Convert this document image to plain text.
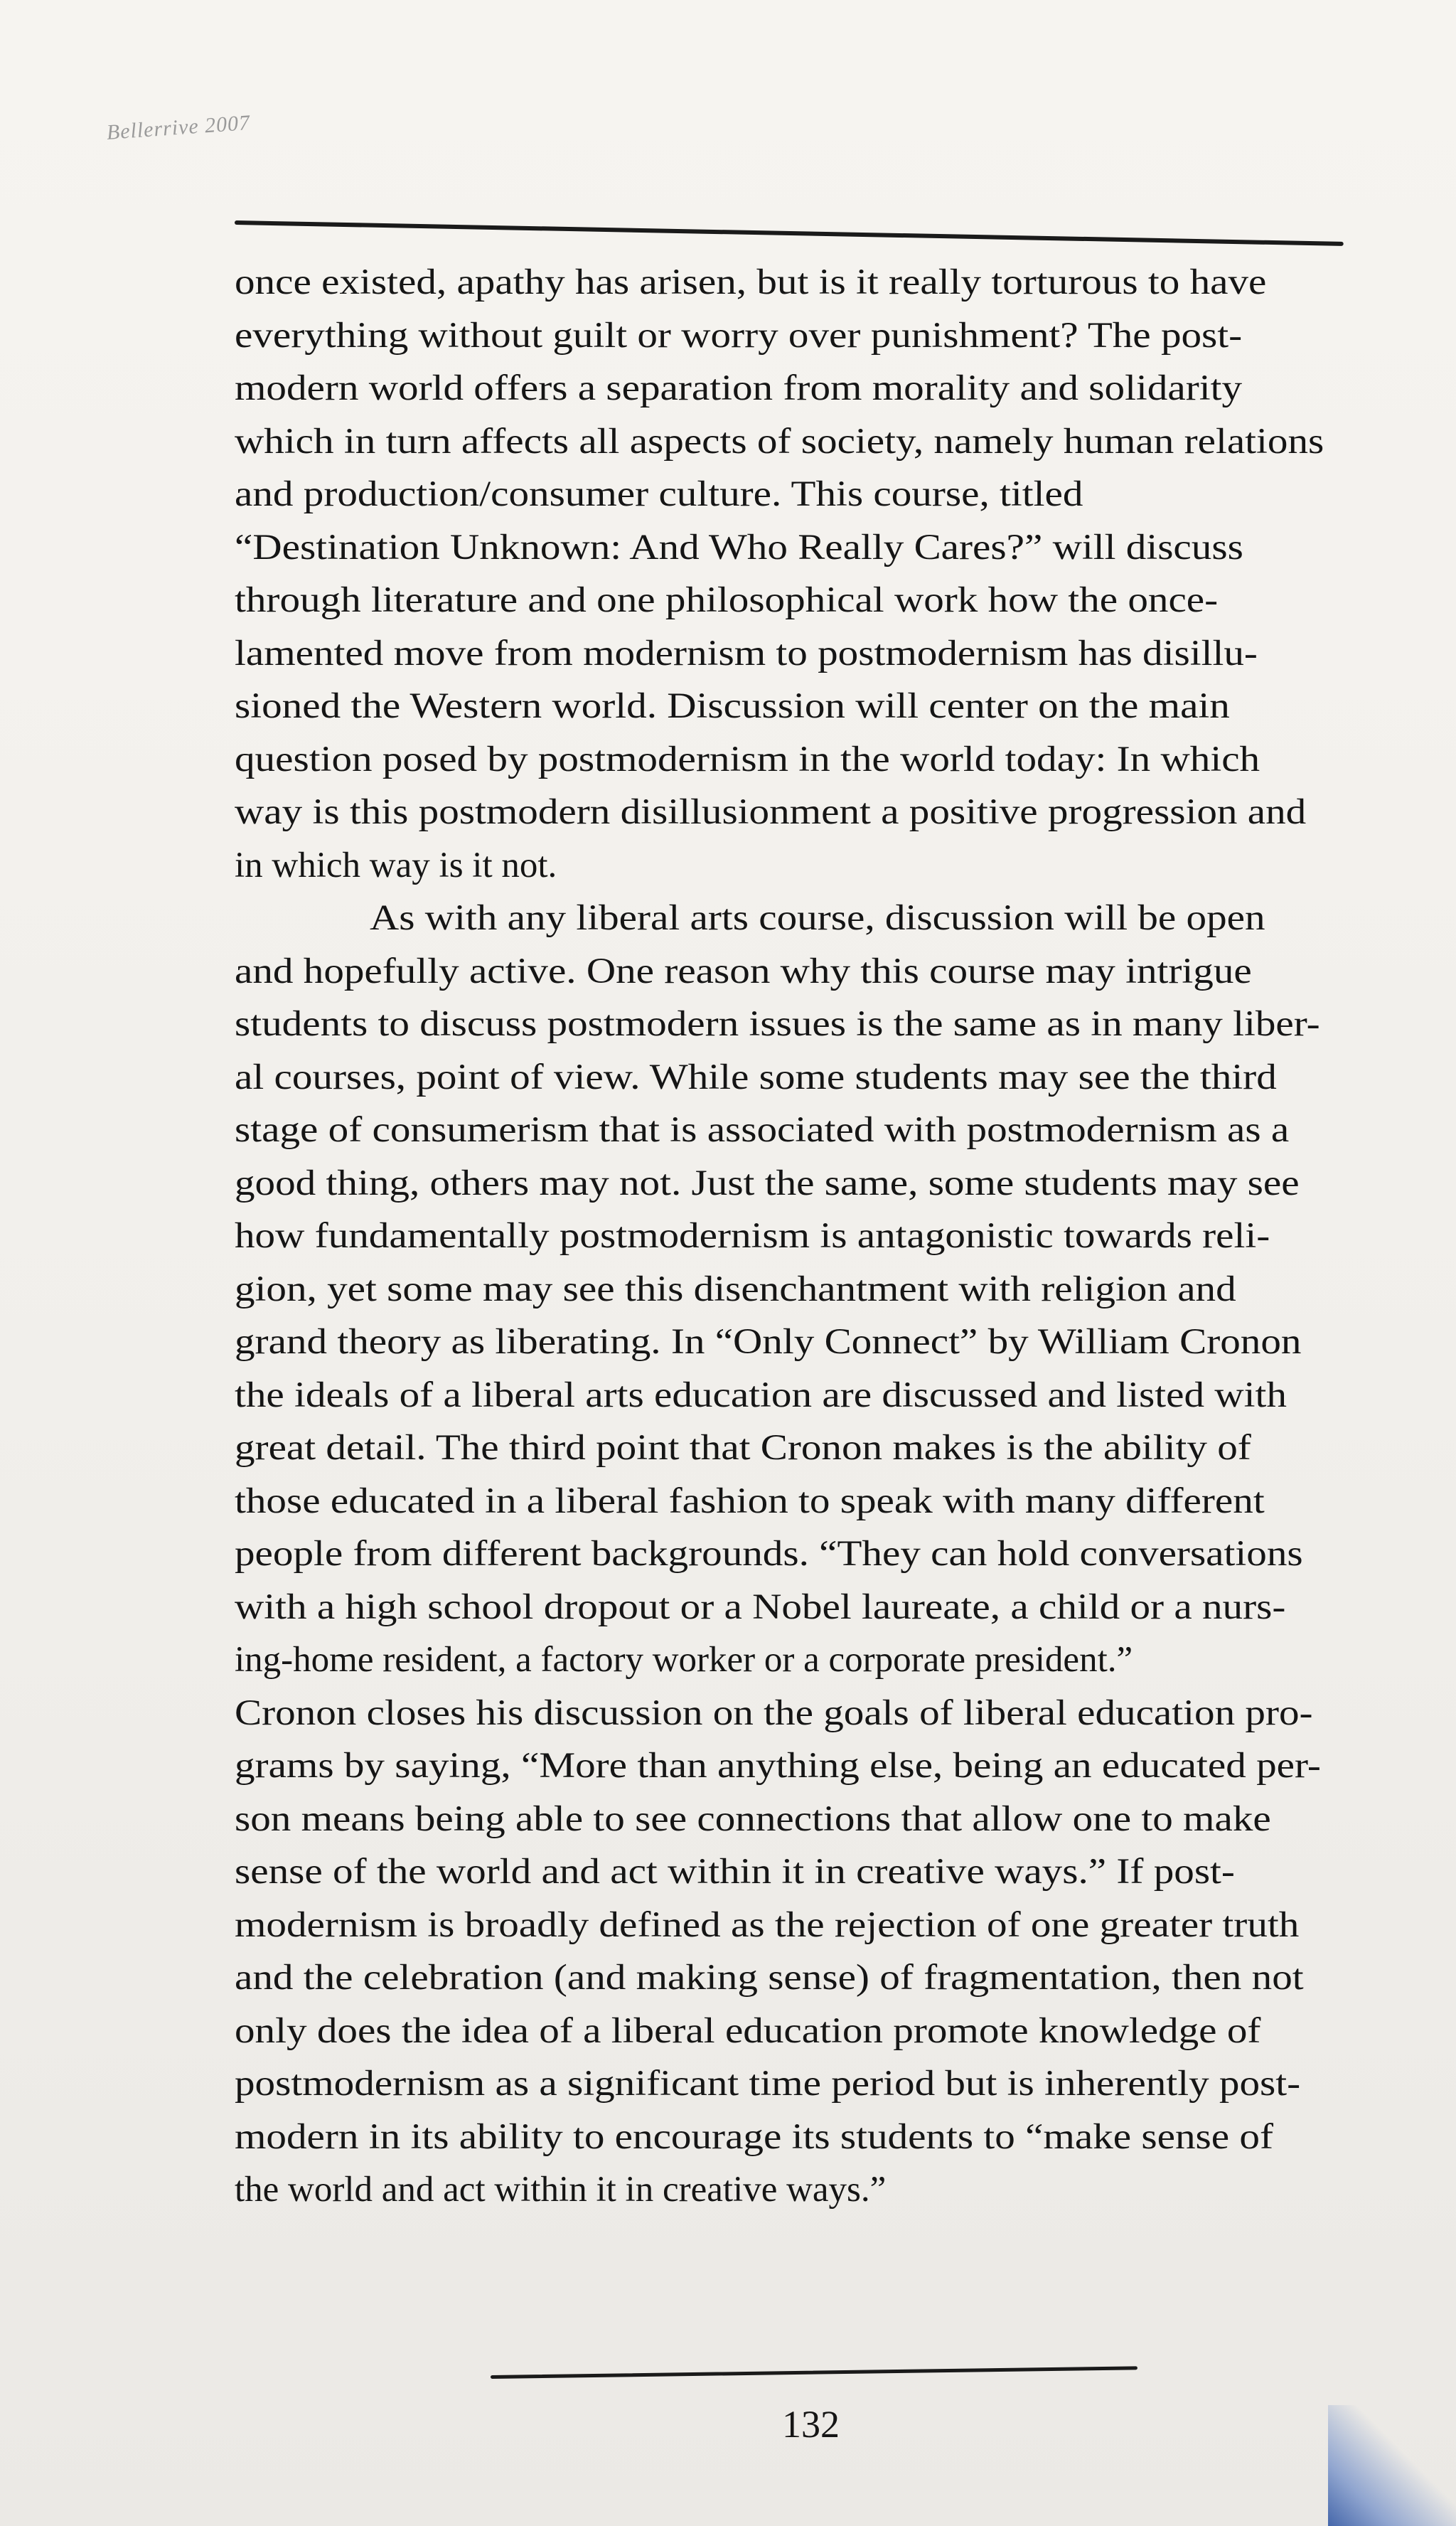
Bellerrive 2007
once existed, apathy has arisen, but is it really torturous to have
everything without guilt or worry over punishment? The post-
modern world offers a separation from morality and solidarity
which in turn affects all aspects of society, namely human relations
and production/consumer culture. This course, titled
“Destination Unknown: And Who Really Cares?” will discuss
through literature and one philosophical work how the once-
lamented move from modernism to postmodernism has disillu-
sioned the Western world. Discussion will center on the main
question posed by postmodernism in the world today: In which
way is this postmodern disillusionment a positive progression and
in which way is it not.
As with any liberal arts course, discussion will be open
and hopefully active. One reason why this course may intrigue
students to discuss postmodern issues is the same as in many liber-
al courses, point of view. While some students may see the third
stage of consumerism that is associated with postmodernism as a
good thing, others may not. Just the same, some students may see
how fundamentally postmodernism is antagonistic towards reli-
gion, yet some may see this disenchantment with religion and
grand theory as liberating. In “Only Connect” by William Cronon
the ideals of a liberal arts education are discussed and listed with
great detail. The third point that Cronon makes is the ability of
those educated in a liberal fashion to speak with many different
people from different backgrounds. “They can hold conversations
with a high school dropout or a Nobel laureate, a child or a nurs-
ing-home resident, a factory worker or a corporate president.”
Cronon closes his discussion on the goals of liberal education pro-
grams by saying, “More than anything else, being an educated per-
son means being able to see connections that allow one to make
sense of the world and act within it in creative ways.” If post-
modernism is broadly defined as the rejection of one greater truth
and the celebration (and making sense) of fragmentation, then not
only does the idea of a liberal education promote knowledge of
postmodernism as a significant time period but is inherently post-
modern in its ability to encourage its students to “make sense of
the world and act within it in creative ways.”
132
